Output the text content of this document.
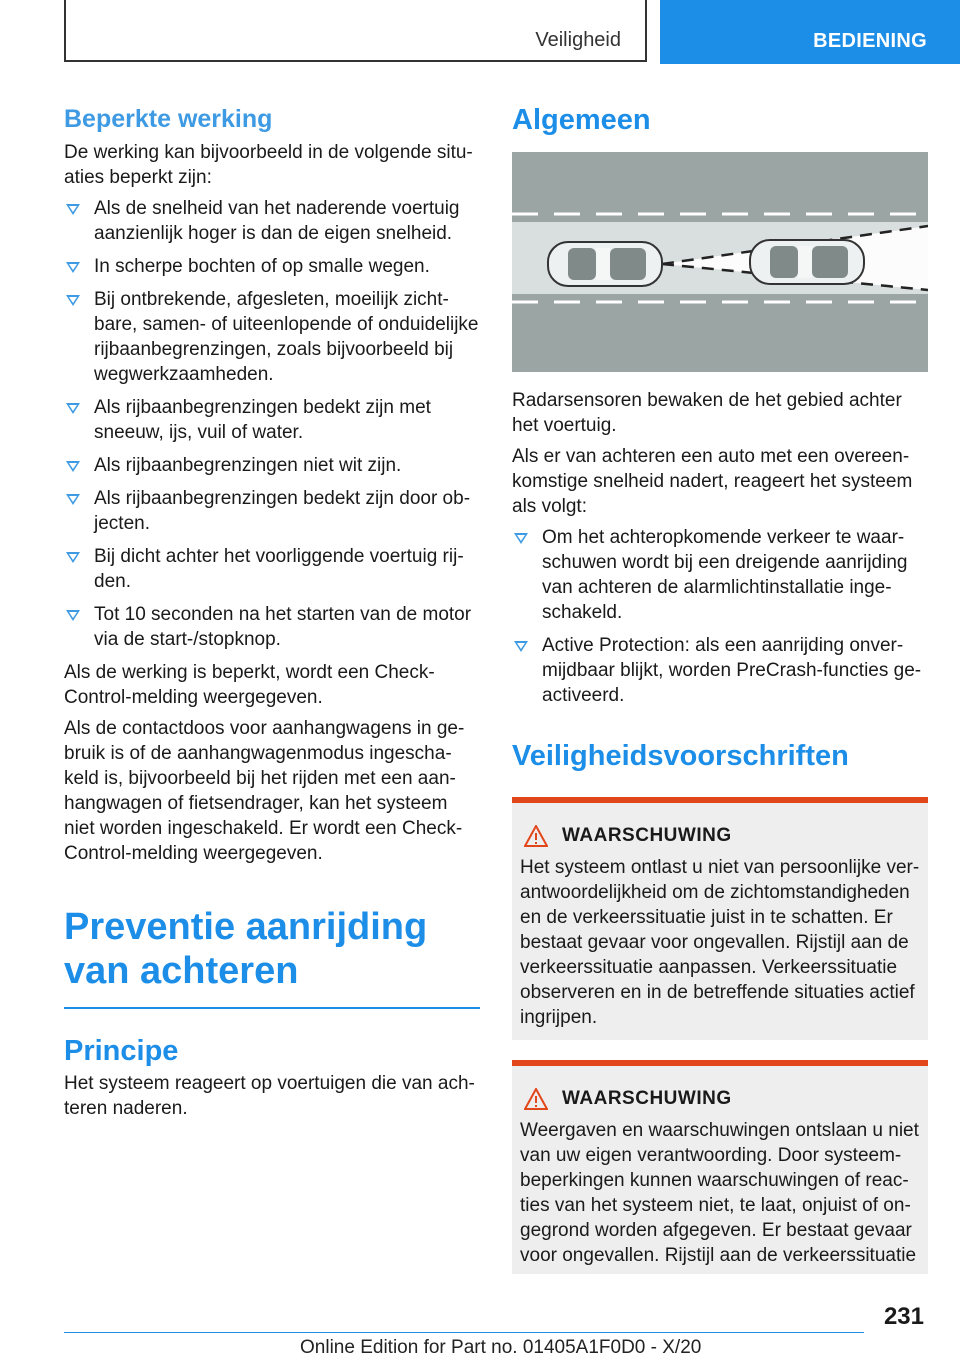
Veiligheid	BEDIENING
Beperkte werking

De werking kan bijvoorbeeld in de volgende situaties beperkt zijn:

Als de snelheid van het naderende voertuig aanzienlijk hoger is dan de eigen snelheid.
In scherpe bochten of op smalle wegen.
Bij ontbrekende, afgesleten, moeilijk zichtbare, samen- of uiteenlopende of onduidelijke rijbaanbegrenzingen, zoals bijvoorbeeld bij wegwerkzaamheden.
Als rijbaanbegrenzingen bedekt zijn met sneeuw, ijs, vuil of water.
Als rijbaanbegrenzingen niet wit zijn.
Als rijbaanbegrenzingen bedekt zijn door objecten.
Bij dicht achter het voorliggende voertuig rijden.
Tot 10 seconden na het starten van de motor via de start-/stopknop.

Als de werking is beperkt, wordt een Check-Control-melding weergegeven.

Als de contactdoos voor aanhangwagens in gebruik is of de aanhangwagenmodus ingeschakeld is, bijvoorbeeld bij het rijden met een aanhangwagen of fietsendrager, kan het systeem niet worden ingeschakeld. Er wordt een Check-Control-melding weergegeven.

Preventie aanrijding van achteren
Principe

Het systeem reageert op voertuigen die van achteren naderen.

Algemeen

Radarsensoren bewaken de het gebied achter het voertuig.

Als er van achteren een auto met een overeenkomstige snelheid nadert, reageert het systeem als volgt:

Om het achteropkomende verkeer te waarschuwen wordt bij een dreigende aanrijding van achteren de alarmlichtinstallatie ingeschakeld.
Active Protection: als een aanrijding onvermijdbaar blijkt, worden PreCrash-functies geactiveerd.
Veiligheidsvoorschriften
WAARSCHUWING

Het systeem ontlast u niet van persoonlijke verantwoordelijkheid om de zichtomstandigheden en de verkeerssituatie juist in te schatten. Er bestaat gevaar voor ongevallen. Rijstijl aan de verkeerssituatie aanpassen. Verkeerssituatie observeren en in de betreffende situaties actief ingrijpen.

WAARSCHUWING

Weergaven en waarschuwingen ontslaan u niet van uw eigen verantwoording. Door systeembeperkingen kunnen waarschuwingen of reacties van het systeem niet, te laat, onjuist of ongegrond worden afgegeven. Er bestaat gevaar voor ongevallen. Rijstijl aan de verkeerssituatie

231
Online Edition for Part no. 01405A1F0D0 - X/20
